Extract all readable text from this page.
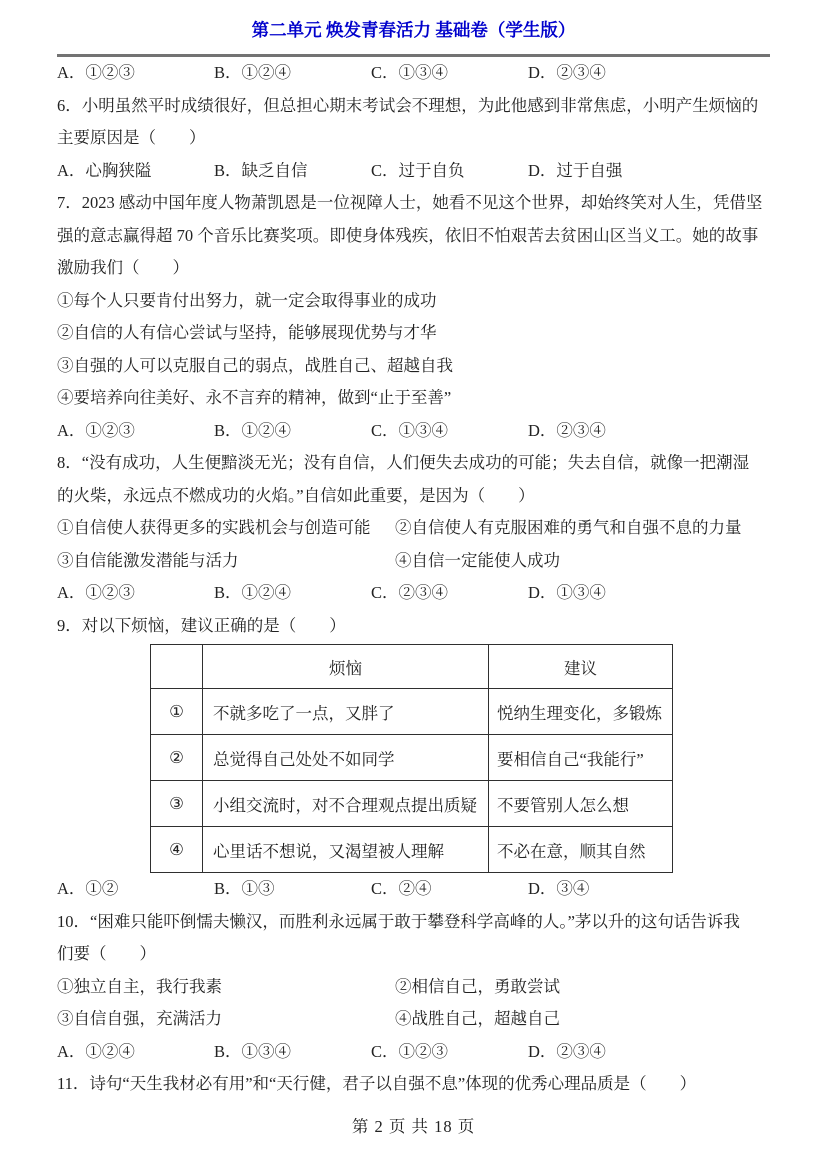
第二单元 焕发青春活力 基础卷（学生版）
A．①②③	B．①②④	C．①③④	D．②③④
6．小明虽然平时成绩很好，但总担心期末考试会不理想，为此他感到非常焦虑，小明产生烦恼的
主要原因是（　　）
A．心胸狭隘	B．缺乏自信	C．过于自负	D．过于自强
7．2023 感动中国年度人物萧凯恩是一位视障人士，她看不见这个世界，却始终笑对人生，凭借坚
强的意志赢得超 70 个音乐比赛奖项。即使身体残疾，依旧不怕艰苦去贫困山区当义工。她的故事
激励我们（　　）
①每个人只要肯付出努力，就一定会取得事业的成功
②自信的人有信心尝试与坚持，能够展现优势与才华
③自强的人可以克服自己的弱点，战胜自己、超越自我
④要培养向往美好、永不言弃的精神，做到“止于至善”
A．①②③	B．①②④	C．①③④	D．②③④
8．“没有成功，人生便黯淡无光；没有自信，人们便失去成功的可能；失去自信，就像一把潮湿
的火柴，永远点不燃成功的火焰。”自信如此重要，是因为（　　）
①自信使人获得更多的实践机会与创造可能	②自信使人有克服困难的勇气和自强不息的力量
③自信能激发潜能与活力	④自信一定能使人成功
A．①②③	B．①②④	C．②③④	D．①③④
9．对以下烦恼，建议正确的是（　　）
	烦恼	建议
①	不就多吃了一点，又胖了	悦纳生理变化，多锻炼
②	总觉得自己处处不如同学	要相信自己“我能行”
③	小组交流时，对不合理观点提出质疑	不要管别人怎么想
④	心里话不想说，又渴望被人理解	不必在意，顺其自然
A．①②	B．①③	C．②④	D．③④
10．“困难只能吓倒懦夫懒汉，而胜利永远属于敢于攀登科学高峰的人。”茅以升的这句话告诉我
们要（　　）
①独立自主，我行我素	②相信自己，勇敢尝试
③自信自强，充满活力	④战胜自己，超越自己
A．①②④	B．①③④	C．①②③	D．②③④
11．诗句“天生我材必有用”和“天行健，君子以自强不息”体现的优秀心理品质是（　　）
第 2 页 共 18 页
